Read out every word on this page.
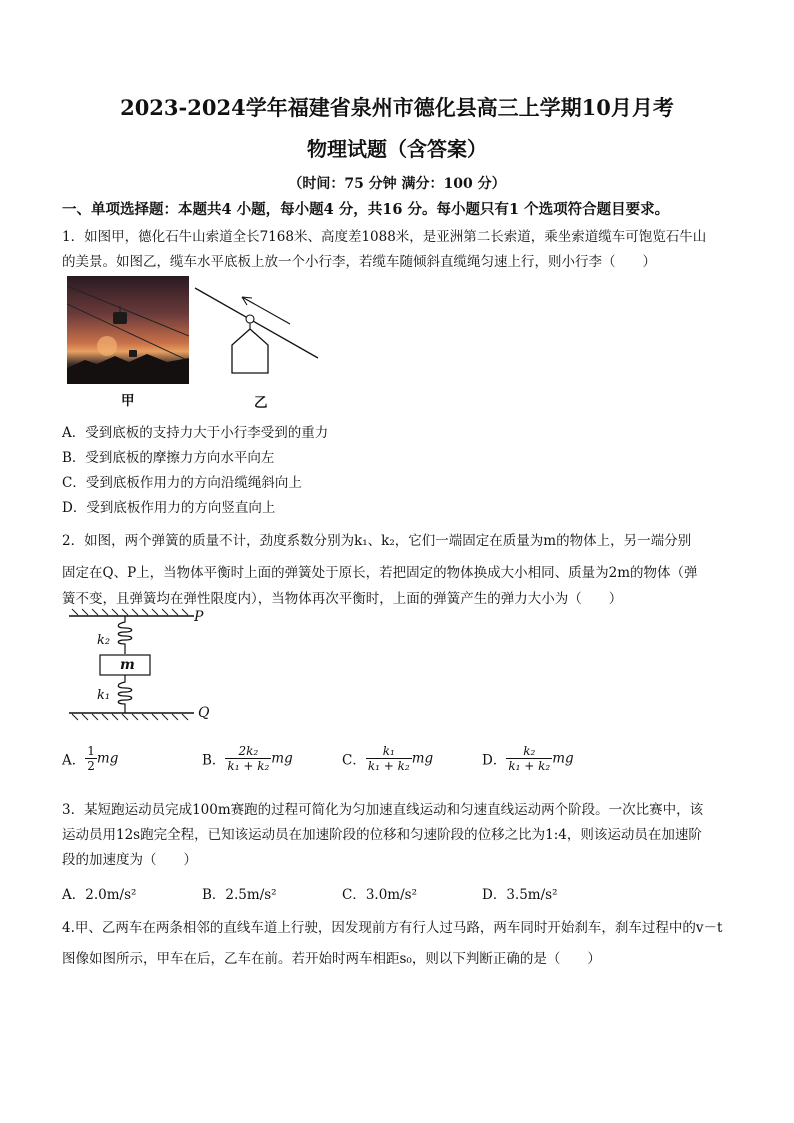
2023-2024学年福建省泉州市德化县高三上学期10月月考
物理试题（含答案）
（时间：75 分钟 满分：100 分）
一、单项选择题：本题共4 小题，每小题4 分，共16 分。每小题只有1 个选项符合题目要求。
1．如图甲，德化石牛山索道全长7168米、高度差1088米，是亚洲第二长索道，乘坐索道缆车可饱览石牛山
的美景。如图乙，缆车水平底板上放一个小行李，若缆车随倾斜直缆绳匀速上行，则小行李（　　）
甲	乙
A．受到底板的支持力大于小行李受到的重力
B．受到底板的摩擦力方向水平向左
C．受到底板作用力的方向沿缆绳斜向上
D．受到底板作用力的方向竖直向上
2．如图，两个弹簧的质量不计，劲度系数分别为k₁、k₂，它们一端固定在质量为m的物体上，另一端分别
固定在Q、P上，当物体平衡时上面的弹簧处于原长，若把固定的物体换成大小相同、质量为2m的物体（弹
簧不变，且弹簧均在弹性限度内），当物体再次平衡时，上面的弹簧产生的弹力大小为（　　）
P
Q
m
k₂
k₁
A． $\frac{1}{2}$ mg	B． $\frac{\text{2k₂}}{\text{k₁ + k₂}}$ mg	C． $\frac{\text{k₁}}{\text{k₁ + k₂}}$ mg	D． $\frac{\text{k₂}}{\text{k₁ + k₂}}$ mg
3．某短跑运动员完成100m赛跑的过程可简化为匀加速直线运动和匀速直线运动两个阶段。一次比赛中，该
运动员用12s跑完全程，已知该运动员在加速阶段的位移和匀速阶段的位移之比为1:4，则该运动员在加速阶
段的加速度为（　　）
A．2.0m/s²	B．2.5m/s²	C．3.0m/s²	D．3.5m/s²
4.甲、乙两车在两条相邻的直线车道上行驶，因发现前方有行人过马路，两车同时开始刹车，刹车过程中的v－t
图像如图所示，甲车在后，乙车在前。若开始时两车相距s₀，则以下判断正确的是（　　）
